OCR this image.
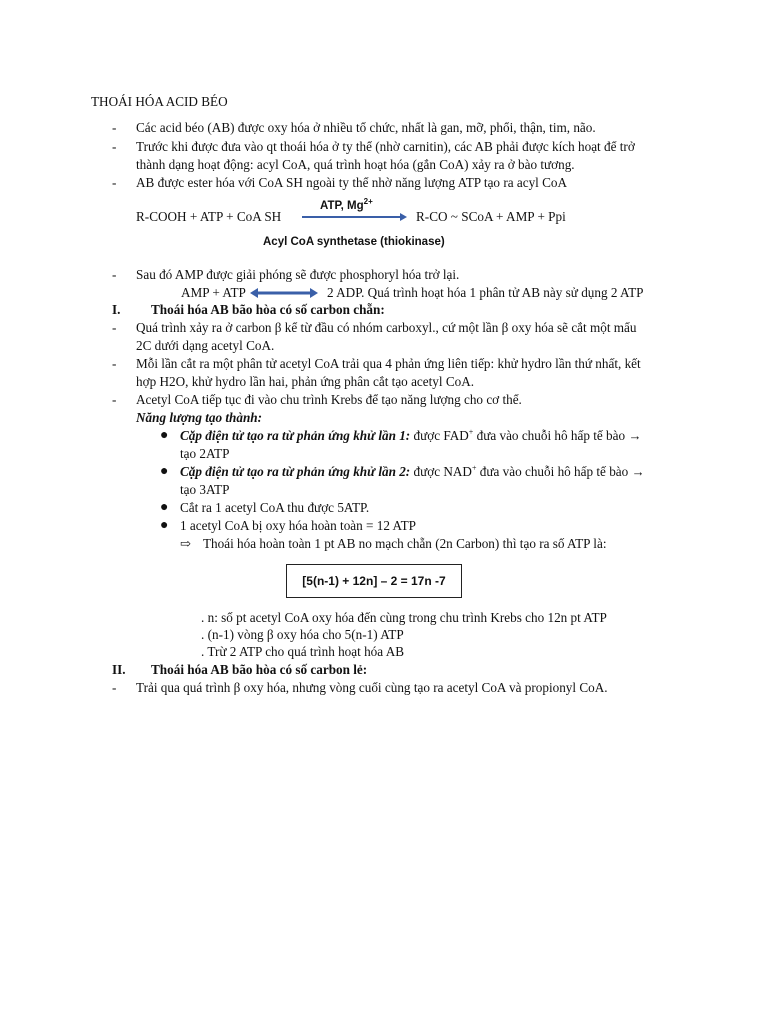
THOÁI HÓA ACID BÉO
- Các acid béo (AB) được oxy hóa ở nhiều tổ chức, nhất là gan, mỡ, phổi, thận, tim, não.
- Trước khi được đưa vào qt thoái hóa ở ty thể (nhờ carnitin), các AB phải được kích hoạt để trở
thành dạng hoạt động: acyl CoA, quá trình hoạt hóa (gắn CoA) xảy ra ở bào tương.
- AB được ester hóa với CoA SH ngoài ty thể nhờ năng lượng ATP tạo ra acyl CoA
ATP, $Mg^{2+}$
R-COOH + ATP + CoA SH	R-CO ~ SCoA + AMP + Ppi
Acyl CoA synthetase (thiokinase)
- Sau đó AMP được giải phóng sẽ được phosphoryl hóa trở lại.
AMP + ATP	2 ADP. Quá trình hoạt hóa 1 phân tử AB này sử dụng 2 ATP
I. Thoái hóa AB bão hòa có số carbon chẵn:
- Quá trình xảy ra ở carbon β kể từ đầu có nhóm carboxyl., cứ một lần β oxy hóa sẽ cắt một mẩu
2C dưới dạng acetyl CoA.
- Mỗi lần cắt ra một phân tử acetyl CoA trải qua 4 phản ứng liên tiếp: khử hydro lần thứ nhất, kết
hợp H2O, khử hydro lần hai, phản ứng phân cắt tạo acetyl CoA.
- Acetyl CoA tiếp tục đi vào chu trình Krebs để tạo năng lượng cho cơ thể.
Năng lượng tạo thành:
● Cặp điện tử tạo ra từ phản ứng khử lần 1: được FAD+ đưa vào chuỗi hô hấp tế bào →
tạo 2ATP
● Cặp điện tử tạo ra từ phản ứng khử lần 2: được NAD+ đưa vào chuỗi hô hấp tế bào →
tạo 3ATP
● Cắt ra 1 acetyl CoA thu được 5ATP.
● 1 acetyl CoA bị oxy hóa hoàn toàn = 12 ATP
⇨ Thoái hóa hoàn toàn 1 pt AB no mạch chẵn (2n Carbon) thì tạo ra số ATP là:
[5(n-1) + 12n] – 2 = 17n -7
. n: số pt acetyl CoA oxy hóa đến cùng trong chu trình Krebs cho 12n pt ATP
. (n-1) vòng β oxy hóa cho 5(n-1) ATP
. Trừ 2 ATP cho quá trình hoạt hóa AB
II. Thoái hóa AB bão hòa có số carbon lẻ:
- Trải qua quá trình β oxy hóa, nhưng vòng cuối cùng tạo ra acetyl CoA và propionyl CoA.
